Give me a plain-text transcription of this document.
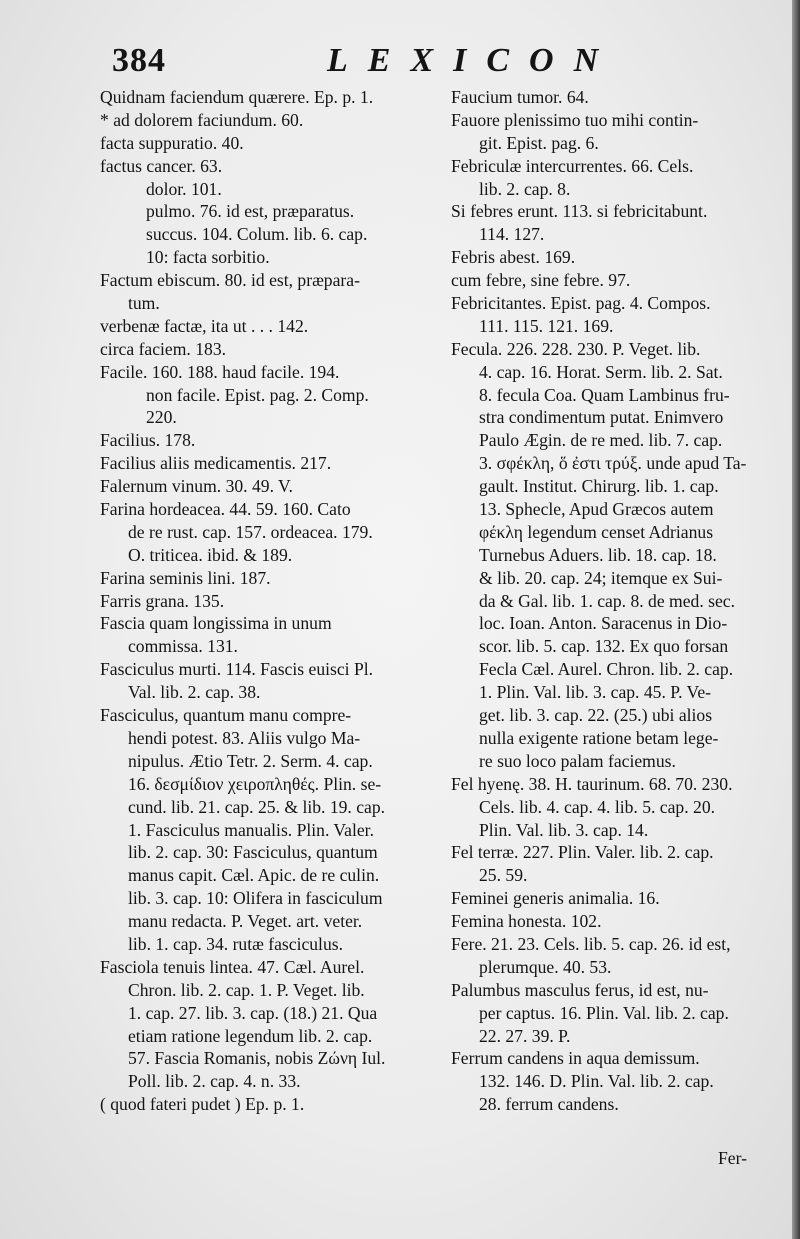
384	LEXICON
Quidnam faciendum quærere. Ep. p. 1.
* ad dolorem faciundum. 60.
facta suppuratio. 40.
factus cancer. 63.
dolor. 101.
pulmo. 76. id est, præparatus.
succus. 104. Colum. lib. 6. cap.
10: facta sorbitio.
Factum ebiscum. 80. id est, præpara-
tum.
verbenæ factæ, ita ut . . . 142.
circa faciem. 183.
Facile. 160. 188. haud facile. 194.
non facile. Epist. pag. 2. Comp.
220.
Facilius. 178.
Facilius aliis medicamentis. 217.
Falernum vinum. 30. 49. V.
Farina hordeacea. 44. 59. 160. Cato
de re rust. cap. 157. ordeacea. 179.
O. triticea. ibid. & 189.
Farina seminis lini. 187.
Farris grana. 135.
Fascia quam longissima in unum
commissa. 131.
Fasciculus murti. 114. Fascis euisci Pl.
Val. lib. 2. cap. 38.
Fasciculus, quantum manu compre-
hendi potest. 83. Aliis vulgo Ma-
nipulus. Ætio Tetr. 2. Serm. 4. cap.
16. δεσμίδιον χειροπληθές. Plin. se-
cund. lib. 21. cap. 25. & lib. 19. cap.
1. Fasciculus manualis. Plin. Valer.
lib. 2. cap. 30: Fasciculus, quantum
manus capit. Cæl. Apic. de re culin.
lib. 3. cap. 10: Olifera in fasciculum
manu redacta. P. Veget. art. veter.
lib. 1. cap. 34. rutæ fasciculus.
Fasciola tenuis lintea. 47. Cæl. Aurel.
Chron. lib. 2. cap. 1. P. Veget. lib.
1. cap. 27. lib. 3. cap. (18.) 21. Qua
etiam ratione legendum lib. 2. cap.
57. Fascia Romanis, nobis Ζώνη Iul.
Poll. lib. 2. cap. 4. n. 33.
( quod fateri pudet ) Ep. p. 1.
Faucium tumor. 64.
Fauore plenissimo tuo mihi contin-
git. Epist. pag. 6.
Febriculæ intercurrentes. 66. Cels.
lib. 2. cap. 8.
Si febres erunt. 113. si febricitabunt.
114. 127.
Febris abest. 169.
cum febre, sine febre. 97.
Febricitantes. Epist. pag. 4. Compos.
111. 115. 121. 169.
Fecula. 226. 228. 230. P. Veget. lib.
4. cap. 16. Horat. Serm. lib. 2. Sat.
8. fecula Coa. Quam Lambinus fru-
stra condimentum putat. Enimvero
Paulo Ægin. de re med. lib. 7. cap.
3. σφέκλη, ὅ ἐστι τρύξ. unde apud Ta-
gault. Institut. Chirurg. lib. 1. cap.
13. Sphecle, Apud Græcos autem
φέκλη legendum censet Adrianus
Turnebus Aduers. lib. 18. cap. 18.
& lib. 20. cap. 24; itemque ex Sui-
da & Gal. lib. 1. cap. 8. de med. sec.
loc. Ioan. Anton. Saracenus in Dio-
scor. lib. 5. cap. 132. Ex quo forsan
Fecla Cæl. Aurel. Chron. lib. 2. cap.
1. Plin. Val. lib. 3. cap. 45. P. Ve-
get. lib. 3. cap. 22. (25.) ubi alios
nulla exigente ratione betam lege-
re suo loco palam faciemus.
Fel hyenę. 38. H. taurinum. 68. 70. 230.
Cels. lib. 4. cap. 4. lib. 5. cap. 20.
Plin. Val. lib. 3. cap. 14.
Fel terræ. 227. Plin. Valer. lib. 2. cap.
25. 59.
Feminei generis animalia. 16.
Femina honesta. 102.
Fere. 21. 23. Cels. lib. 5. cap. 26. id est,
plerumque. 40. 53.
Palumbus masculus ferus, id est, nu-
per captus. 16. Plin. Val. lib. 2. cap.
22. 27. 39. P.
Ferrum candens in aqua demissum.
132. 146. D. Plin. Val. lib. 2. cap.
28. ferrum candens.
Fer-
